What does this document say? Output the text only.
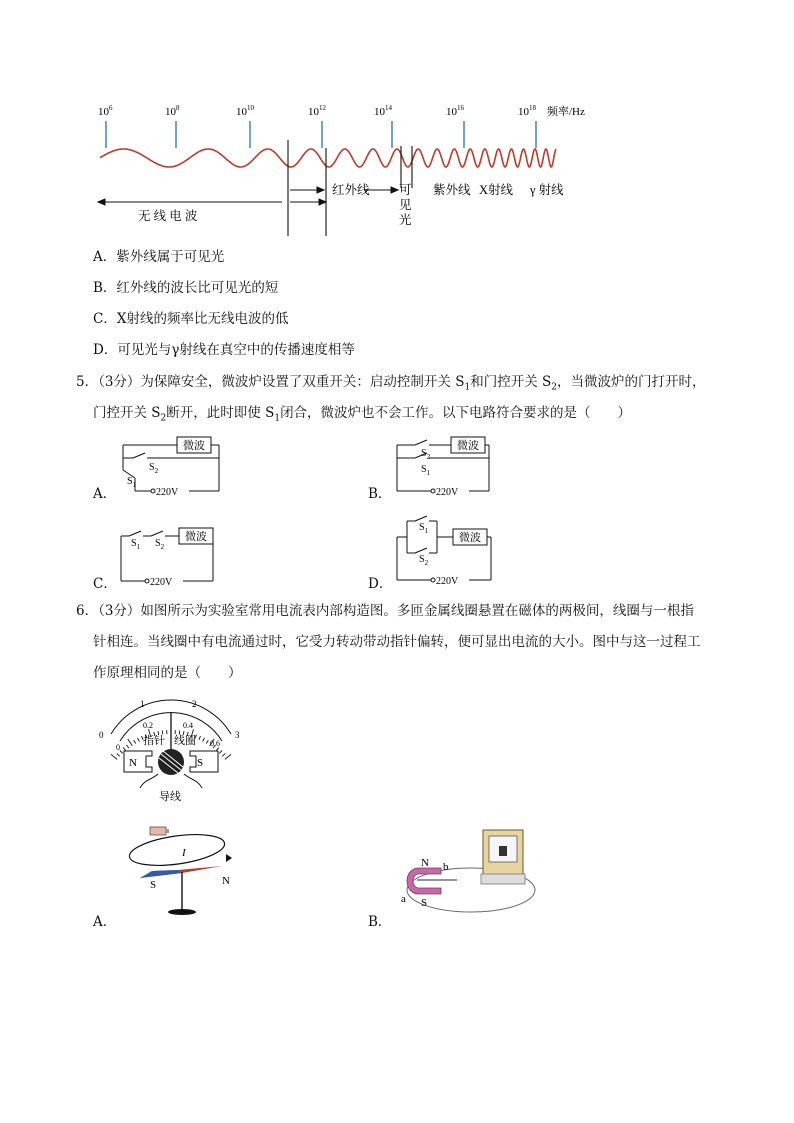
$10^6$	$10^8$	$10^{10}$	$10^{12}$	$10^{14}$	$10^{16}$	$10^{18}$ 频率/Hz
无 线 电 波
红外线 可
见
光
紫外线 X射线 γ 射线
A．紫外线属于可见光
B．红外线的波长比可见光的短
C．X射线的频率比无线电波的低
D．可见光与γ射线在真空中的传播速度相等
5．（3分）为保障安全，微波炉设置了双重开关：启动控制开关 $S_1$和门控开关 $S_2$，当微波炉的门打开时，
门控开关 $S_2$断开，此时即使 $S_1$闭合，微波炉也不会工作。以下电路符合要求的是（　　）
微波
$S_2$
$S_1$
220V
A．
微波
$S_2$
$S_1$
220V
B．
微波
$S_1$ $S_2$
220V
C．
微波
$S_1$
$S_2$
220V
D．
6．（3分）如图所示为实验室常用电流表内部构造图。多匝金属线圈悬置在磁体的两极间，线圈与一根指
针相连。当线圈中有电流通过时，它受力转动带动指针偏转，便可显出电流的大小。图中与这一过程工
作原理相同的是（　　）
0
1	2
3
0
0.2	0.4
0.6
指针 线圈
N	S
导线
I
S	N
A．
N
S
a
b
B．
